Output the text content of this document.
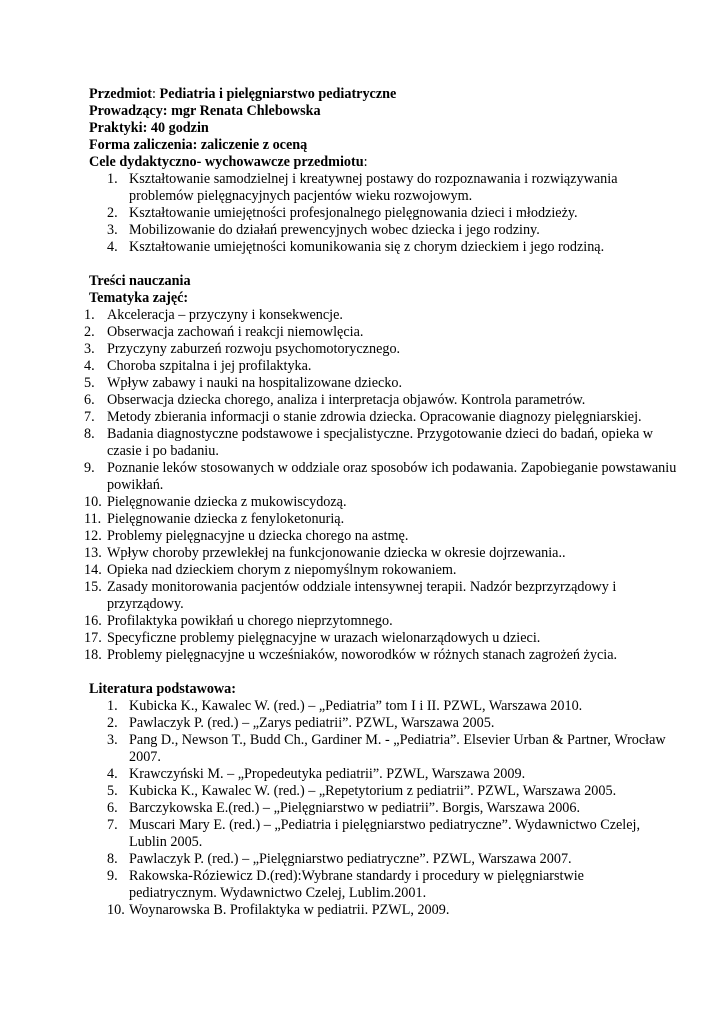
Przedmiot: Pediatria i pielęgniarstwo pediatryczne
Prowadzący: mgr Renata Chlebowska
Praktyki: 40 godzin
Forma zaliczenia: zaliczenie z oceną
Cele dydaktyczno- wychowawcze przedmiotu:
1. Kształtowanie samodzielnej i kreatywnej postawy do rozpoznawania i rozwiązywania problemów pielęgnacyjnych pacjentów wieku rozwojowym.
2. Kształtowanie umiejętności profesjonalnego pielęgnowania dzieci i młodzieży.
3. Mobilizowanie do działań prewencyjnych wobec dziecka i jego rodziny.
4. Kształtowanie umiejętności komunikowania się z chorym dzieckiem i jego rodziną.
Treści nauczania
Tematyka zajęć:
1. Akceleracja – przyczyny i konsekwencje.
2. Obserwacja zachowań i reakcji niemowlęcia.
3. Przyczyny zaburzeń rozwoju psychomotorycznego.
4. Choroba szpitalna i jej profilaktyka.
5. Wpływ zabawy i nauki na hospitalizowane dziecko.
6. Obserwacja dziecka chorego, analiza i interpretacja objawów. Kontrola parametrów.
7. Metody zbierania informacji o stanie zdrowia dziecka. Opracowanie diagnozy pielęgniarskiej.
8. Badania diagnostyczne podstawowe i specjalistyczne. Przygotowanie dzieci do badań, opieka w czasie i po badaniu.
9. Poznanie leków stosowanych w oddziale oraz sposobów ich podawania. Zapobieganie powstawaniu powikłań.
10. Pielęgnowanie dziecka z mukowiscydozą.
11. Pielęgnowanie dziecka z fenyloketonurią.
12. Problemy pielęgnacyjne u dziecka chorego na astmę.
13. Wpływ choroby przewlekłej na funkcjonowanie dziecka w okresie dojrzewania..
14. Opieka nad dzieckiem chorym z niepomyślnym rokowaniem.
15. Zasady monitorowania pacjentów oddziale intensywnej terapii. Nadzór bezprzyrządowy i przyrządowy.
16. Profilaktyka powikłań u chorego nieprzytomnego.
17. Specyficzne problemy pielęgnacyjne w urazach wielonarządowych u dzieci.
18. Problemy pielęgnacyjne u wcześniaków, noworodków w różnych stanach zagrożeń życia.
Literatura podstawowa:
1. Kubicka K., Kawalec W. (red.) – „Pediatria” tom I i II. PZWL, Warszawa 2010.
2. Pawlaczyk P. (red.) – „Zarys pediatrii”. PZWL, Warszawa 2005.
3. Pang D., Newson T., Budd Ch., Gardiner M. - „Pediatria”. Elsevier Urban & Partner, Wrocław 2007.
4. Krawczyński M. – „Propedeutyka pediatrii”. PZWL, Warszawa 2009.
5. Kubicka K., Kawalec W. (red.) – „Repetytorium z pediatrii”. PZWL, Warszawa 2005.
6. Barczykowska E.(red.) – „Pielęgniarstwo w pediatrii”. Borgis, Warszawa 2006.
7. Muscari Mary E. (red.) – „Pediatria i pielęgniarstwo pediatryczne”. Wydawnictwo Czelej, Lublin 2005.
8. Pawlaczyk P. (red.) – „Pielęgniarstwo pediatryczne”. PZWL, Warszawa 2007.
9. Rakowska-Róziewicz D.(red):Wybrane standardy i procedury w pielęgniarstwie pediatrycznym. Wydawnictwo Czelej, Lublim.2001.
10. Woynarowska B. Profilaktyka w pediatrii. PZWL, 2009.
